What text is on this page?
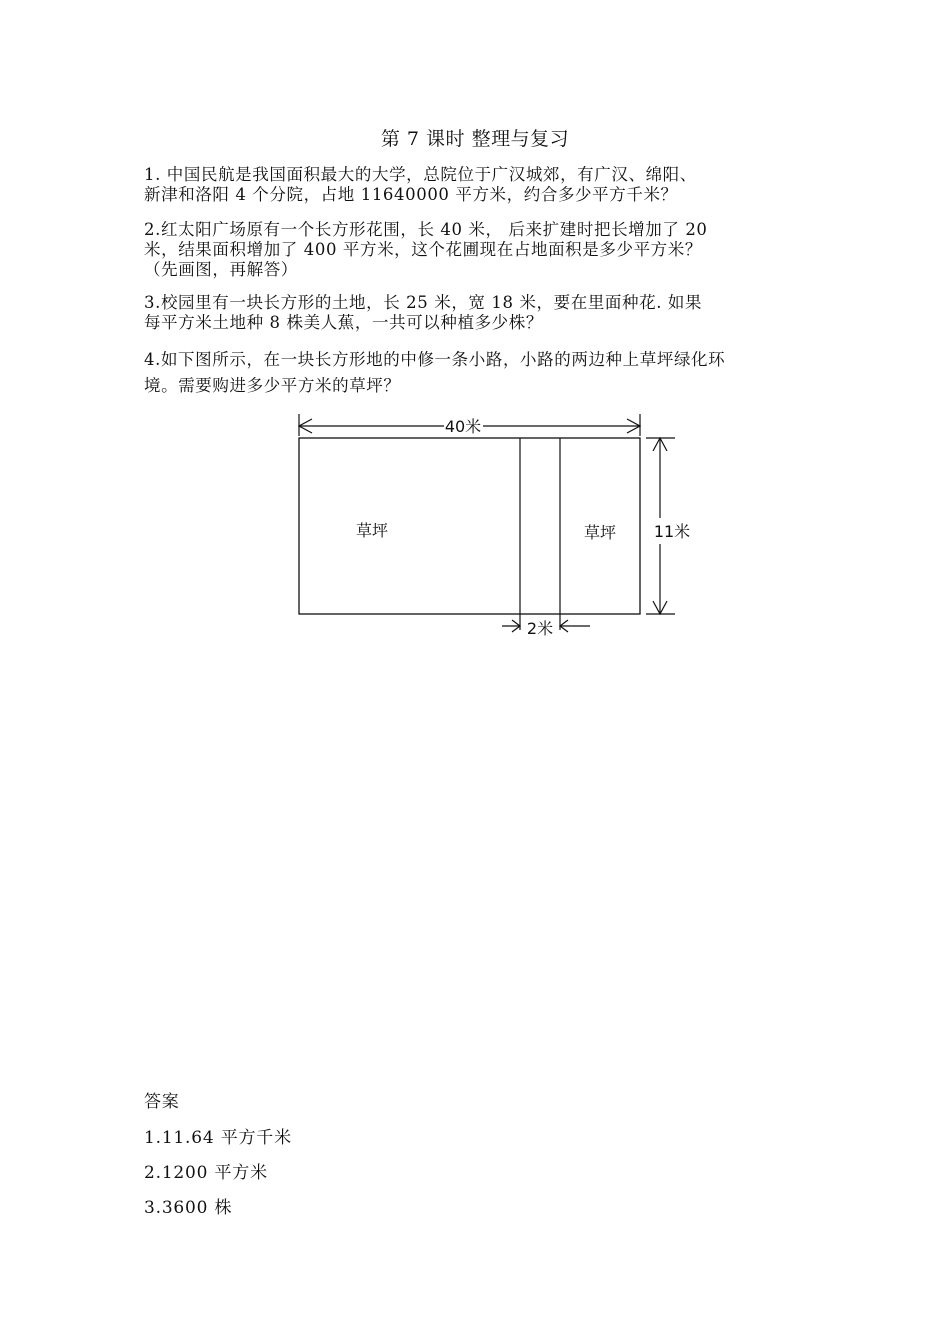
第 7 课时 整理与复习

1. 中国民航是我国面积最大的大学，总院位于广汉城郊，有广汉、绵阳、
新津和洛阳 4 个分院，占地 11640000 平方米，约合多少平方千米？

2.红太阳广场原有一个长方形花围，长 40 米， 后来扩建时把长增加了 20
米，结果面积增加了 400 平方米，这个花圃现在占地面积是多少平方米？
（先画图，再解答）

3.校园里有一块长方形的土地，长 25 米，宽 18 米，要在里面种花. 如果
每平方米土地种 8 株美人蕉，一共可以种植多少株？

4.如下图所示，在一块长方形地的中修一条小路，小路的两边种上草坪绿化环
境。需要购进多少平方米的草坪？

40米
草坪	草坪 11米
2米

答案

1.11.64 平方千米

2.1200 平方米

3.3600 株
